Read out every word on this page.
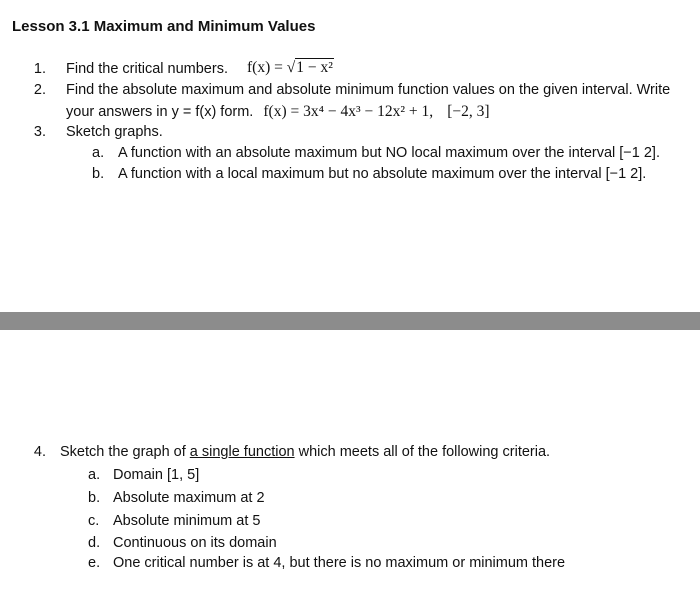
Lesson 3.1 Maximum and Minimum Values
1. Find the critical numbers. f(x) = √1 − x²
2. Find the absolute maximum and absolute minimum function values on the given interval. Write
your answers in y = f(x) form. f(x) = 3x⁴ − 4x³ − 12x² + 1, [−2, 3]
3. Sketch graphs.
a. A function with an absolute maximum but NO local maximum over the interval [−1 2].
b. A function with a local maximum but no absolute maximum over the interval [−1 2].
4. Sketch the graph of a single function which meets all of the following criteria.
a. Domain [1, 5]
b. Absolute maximum at 2
c. Absolute minimum at 5
d. Continuous on its domain
e. One critical number is at 4, but there is no maximum or minimum there
